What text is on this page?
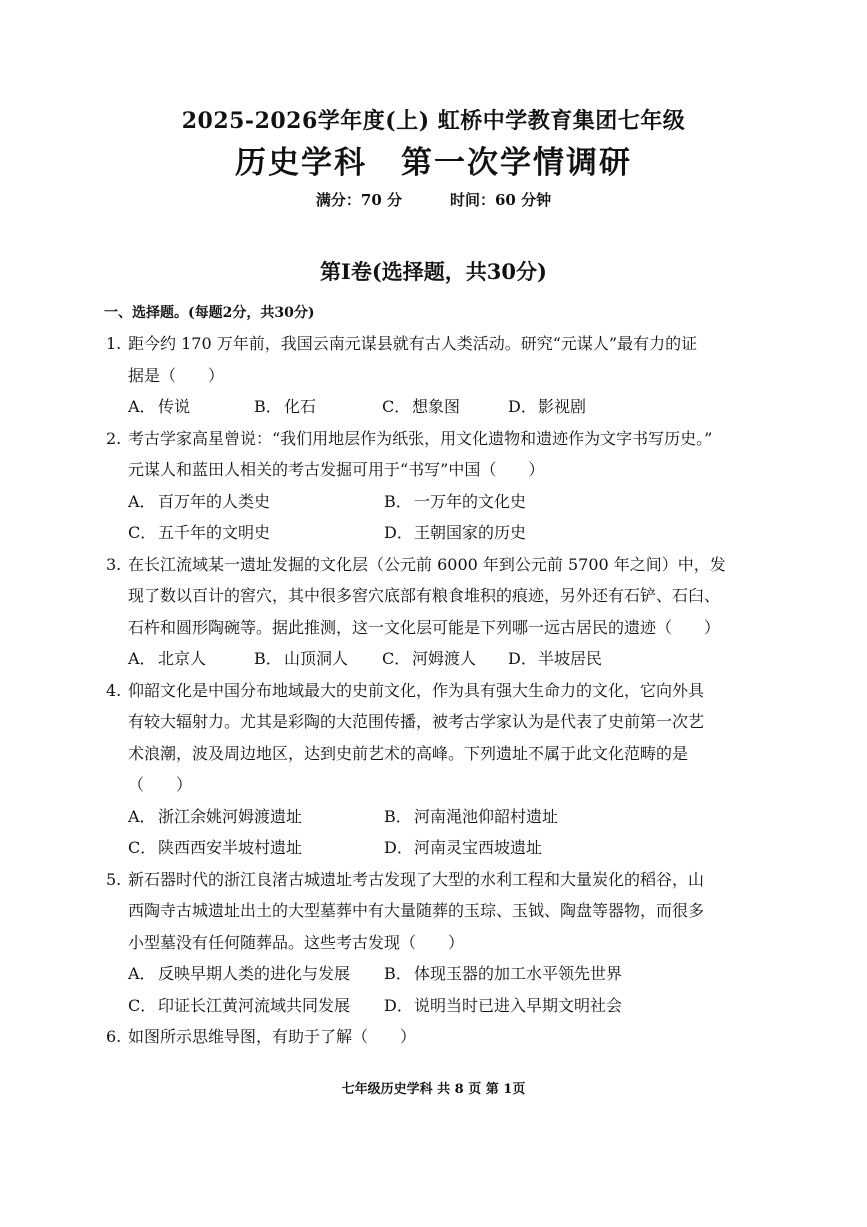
2025-2026学年度(上) 虹桥中学教育集团七年级
历史学科 第一次学情调研
满分：70 分	时间：60 分钟
第Ⅰ卷(选择题，共30分)
一、选择题。(每题2分，共30分)
1. 距今约 170 万年前，我国云南元谋县就有古人类活动。研究“元谋人”最有力的证
据是（　　）
A． 传说	B． 化石	C． 想象图	D．影视剧
2. 考古学家高星曾说：“我们用地层作为纸张，用文化遗物和遗迹作为文字书写历史。”
元谋人和蓝田人相关的考古发掘可用于“书写”中国（　　）
A． 百万年的人类史	B． 一万年的文化史
C． 五千年的文明史	D．王朝国家的历史
3. 在长江流域某一遗址发掘的文化层（公元前 6000 年到公元前 5700 年之间）中，发
现了数以百计的窖穴，其中很多窖穴底部有粮食堆积的痕迹，另外还有石铲、石臼、
石杵和圆形陶碗等。据此推测，这一文化层可能是下列哪一远古居民的遗迹（　　）
A． 北京人	B． 山顶洞人	C． 河姆渡人	D．半坡居民
4. 仰韶文化是中国分布地域最大的史前文化，作为具有强大生命力的文化，它向外具
有较大辐射力。尤其是彩陶的大范围传播，被考古学家认为是代表了史前第一次艺
术浪潮，波及周边地区，达到史前艺术的高峰。下列遗址不属于此文化范畴的是
（　　）
A． 浙江余姚河姆渡遗址	B． 河南渑池仰韶村遗址
C． 陕西西安半坡村遗址	D．河南灵宝西坡遗址
5. 新石器时代的浙江良渚古城遗址考古发现了大型的水利工程和大量炭化的稻谷，山
西陶寺古城遗址出土的大型墓葬中有大量随葬的玉琮、玉钺、陶盘等器物，而很多
小型墓没有任何随葬品。这些考古发现（　　）
A． 反映早期人类的进化与发展	B． 体现玉器的加工水平领先世界
C． 印证长江黄河流域共同发展	D．说明当时已进入早期文明社会
6. 如图所示思维导图，有助于了解（　　）
七年级历史学科 共 8 页 第 1页
